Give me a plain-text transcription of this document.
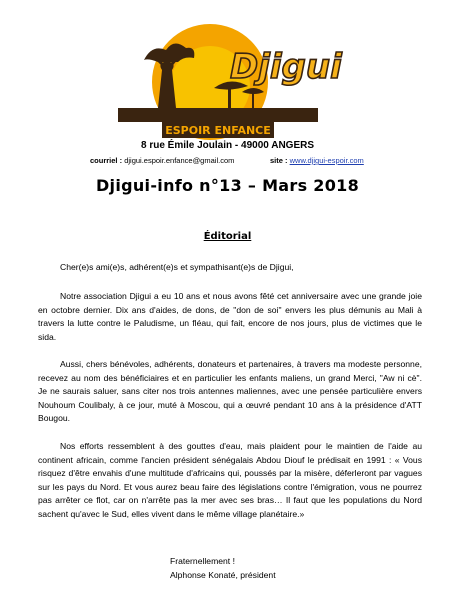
Djigui
ESPOIR ENFANCE
8 rue Émile Joulain - 49000 ANGERS
courriel : djigui.espoir.enfance@gmail.com	site : www.djigui-espoir.com
Djigui-info n°13 – Mars 2018
Éditorial
Cher(e)s ami(e)s, adhérent(e)s et sympathisant(e)s de Djigui,
Notre association Djigui a eu 10 ans et nous avons fêté cet anniversaire avec une grande joie en octobre dernier. Dix ans d'aides, de dons, de "don de soi" envers les plus démunis au Mali à travers la lutte contre le Paludisme, un fléau, qui fait, encore de nos jours, plus de victimes que le sida.
Aussi, chers bénévoles, adhérents, donateurs et partenaires, à travers ma modeste personne, recevez au nom des bénéficiaires et en particulier les enfants maliens, un grand Merci, "Aw ni cè". Je ne saurais saluer, sans citer nos trois antennes maliennes, avec une pensée particulière envers Nouhoum Coulibaly, à ce jour, muté à Moscou, qui a œuvré pendant 10 ans à la présidence d'ATT Bougou.
Nos efforts ressemblent à des gouttes d'eau, mais plaident pour le maintien de l'aide au continent africain, comme l'ancien président sénégalais Abdou Diouf le prédisait en 1991 : « Vous risquez d'être envahis d'une multitude d'africains qui, poussés par la misère, déferleront par vagues sur les pays du Nord. Et vous aurez beau faire des législations contre l'émigration, vous ne pourrez pas arrêter ce flot, car on n'arrête pas la mer avec ses bras… Il faut que les populations du Nord sachent qu'avec le Sud, elles vivent dans le même village planétaire.»
Fraternellement !
Alphonse Konaté, président
